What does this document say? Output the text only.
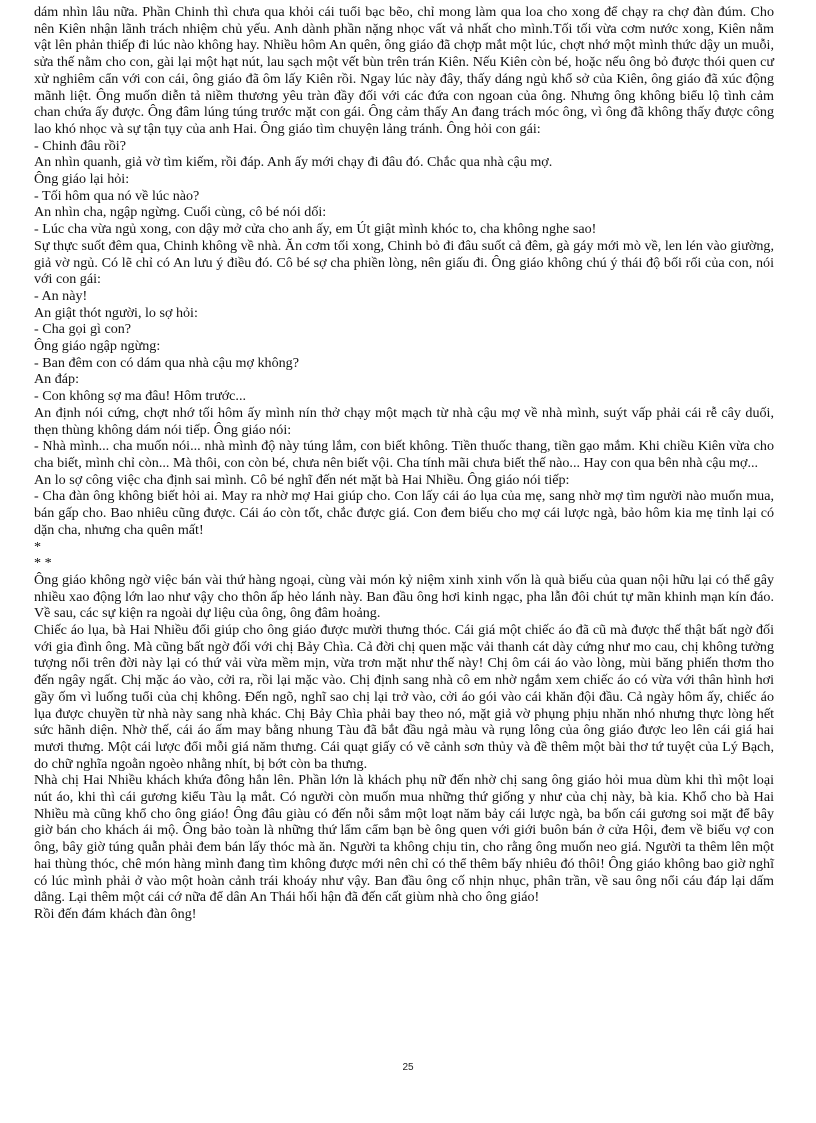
dám nhìn lâu nữa. Phần Chinh thì chưa qua khỏi cái tuổi bạc bẽo, chỉ mong làm qua loa cho xong để chạy ra chợ đàn đúm. Cho nên Kiên nhận lãnh trách nhiệm chủ yếu. Anh dành phần nặng nhọc vất vả nhất cho mình.Tối tối vừa cơm nước xong, Kiên nằm vật lên phản thiếp đi lúc nào không hay. Nhiều hôm An quên, ông giáo đã chợp mắt một lúc, chợt nhớ một mình thức dậy un muỗi, sửa thế nằm cho con, gài lại một hạt nút, lau sạch một vết bùn trên trán Kiên. Nếu Kiên còn bé, hoặc nếu ông bỏ được thói quen cư xử nghiêm cẩn với con cái, ông giáo đã ôm lấy Kiên rồi. Ngay lúc này đây, thấy dáng ngủ khổ sở của Kiên, ông giáo đã xúc động mãnh liệt. Ông muốn diễn tả niềm thương yêu tràn đầy đối với các đứa con ngoan của ông. Nhưng ông không biểu lộ tình cảm chan chứa ấy được. Ông đâm lúng túng trước mặt con gái. Ông cảm thấy An đang trách móc ông, vì ông đã không thấy được công lao khó nhọc và sự tận tụy của anh Hai. Ông giáo tìm chuyện lảng tránh. Ông hỏi con gái:

- Chinh đâu rồi?

An nhìn quanh, giả vờ tìm kiếm, rồi đáp. Anh ấy mới chạy đi đâu đó. Chắc qua nhà cậu mợ.

Ông giáo lại hỏi:

- Tối hôm qua nó về lúc nào?

An nhìn cha, ngập ngừng. Cuối cùng, cô bé nói dối:

- Lúc cha vừa ngủ xong, con dậy mở cửa cho anh ấy, em Út giật mình khóc to, cha không nghe sao!

Sự thực suốt đêm qua, Chinh không về nhà. Ăn cơm tối xong, Chinh bỏ đi đâu suốt cả đêm, gà gáy mới mò về, len lén vào giường, giả vờ ngủ. Có lẽ chỉ có An lưu ý điều đó. Cô bé sợ cha phiền lòng, nên giấu đi. Ông giáo không chú ý thái độ bối rối của con, nói với con gái:

- An này!

An giật thót người, lo sợ hỏi:

- Cha gọi gì con?

Ông giáo ngập ngừng:

- Ban đêm con có dám qua nhà cậu mợ không?

An đáp:

- Con không sợ ma đâu! Hôm trước...

An định nói cứng, chợt nhớ tối hôm ấy mình nín thở chạy một mạch từ nhà cậu mợ về nhà mình, suýt vấp phải cái rễ cây duối, thẹn thùng không dám nói tiếp. Ông giáo nói:

- Nhà mình... cha muốn nói... nhà mình độ này túng lắm, con biết không. Tiền thuốc thang, tiền gạo mắm. Khi chiều Kiên vừa cho cha biết, mình chỉ còn... Mà thôi, con còn bé, chưa nên biết vội. Cha tính mãi chưa biết thế nào... Hay con qua bên nhà cậu mợ...

An lo sợ công việc cha định sai mình. Cô bé nghĩ đến nét mặt bà Hai Nhiều. Ông giáo nói tiếp:

- Cha đàn ông không biết hỏi ai. May ra nhờ mợ Hai giúp cho. Con lấy cái áo lụa của mẹ, sang nhờ mợ tìm người nào muốn mua, bán gấp cho. Bao nhiêu cũng được. Cái áo còn tốt, chắc được giá. Con đem biếu cho mợ cái lược ngà, bảo hôm kia mẹ tỉnh lại có dặn cha, nhưng cha quên mất!

*

* *

Ông giáo không ngờ việc bán vài thứ hàng ngoại, cùng vài món kỷ niệm xinh xinh vốn là quà biếu của quan nội hữu lại có thể gây nhiều xao động lớn lao như vậy cho thôn ấp hẻo lánh này. Ban đầu ông hơi kinh ngạc, pha lẫn đôi chút tự mãn khinh mạn kín đáo. Về sau, các sự kiện ra ngoài dự liệu của ông, ông đâm hoảng.

Chiếc áo lụa, bà Hai Nhiều đổi giúp cho ông giáo được mười thưng thóc. Cái giá một chiếc áo đã cũ mà được thế thật bất ngờ đối với gia đình ông. Mà cũng bất ngờ đối với chị Bảy Chìa. Cả đời chị quen mặc vải thanh cát dày cứng như mo cau, chị không tưởng tượng nổi trên đời này lại có thứ vải vừa mềm mịn, vừa trơn mặt như thế này! Chị ôm cái áo vào lòng, mùi băng phiến thơm tho đến ngây ngất. Chị mặc áo vào, cởi ra, rồi lại mặc vào. Chị định sang nhà cô em nhờ ngắm xem chiếc áo có vừa với thân hình hơi gầy ốm vì luống tuổi của chị không. Đến ngõ, nghĩ sao chị lại trở vào, cởi áo gói vào cái khăn đội đầu. Cả ngày hôm ấy, chiếc áo lụa được chuyền từ nhà này sang nhà khác. Chị Bảy Chìa phải bay theo nó, mặt giả vờ phụng phịu nhăn nhó nhưng thực lòng hết sức hãnh diện. Nhờ thế, cái áo ấm may bằng nhung Tàu đã bắt đầu ngả màu và rụng lông của ông giáo được leo lên cái giá hai mươi thưng. Một cái lược đổi mỗi giá năm thưng. Cái quạt giấy có vẽ cảnh sơn thủy và đề thêm một bài thơ tứ tuyệt của Lý Bạch, do chữ nghĩa ngoằn ngoèo nhằng nhít, bị bớt còn ba thưng.

Nhà chị Hai Nhiều khách khứa đông hẳn lên. Phần lớn là khách phụ nữ đến nhờ chị sang ông giáo hỏi mua dùm khi thì một loại nút áo, khi thì cái gương kiểu Tàu lạ mắt. Có người còn muốn mua những thứ giống y như của chị này, bà kia. Khổ cho bà Hai Nhiều mà cũng khổ cho ông giáo! Ông đâu giàu có đến nỗi sắm một loạt năm bảy cái lược ngà, ba bốn cái gương soi mặt để bây giờ bán cho khách ái mộ. Ông bảo toàn là những thứ lẩm cẩm bạn bè ông quen với giới buôn bán ở cửa Hội, đem về biếu vợ con ông, bây giờ túng quẫn phải đem bán lấy thóc mà ăn. Người ta không chịu tin, cho rằng ông muốn neo giá. Người ta thêm lên một hai thùng thóc, chê món hàng mình đang tìm không được mới nên chỉ có thể thêm bấy nhiêu đó thôi! Ông giáo không bao giờ nghĩ có lúc mình phải ở vào một hoàn cảnh trái khoáy như vậy. Ban đầu ông cố nhịn nhục, phân trần, về sau ông nổi cáu đáp lại dấm dẳng. Lại thêm một cái cớ nữa để dân An Thái hối hận đã đến cất giùm nhà cho ông giáo!

Rồi đến đám khách đàn ông!

25
